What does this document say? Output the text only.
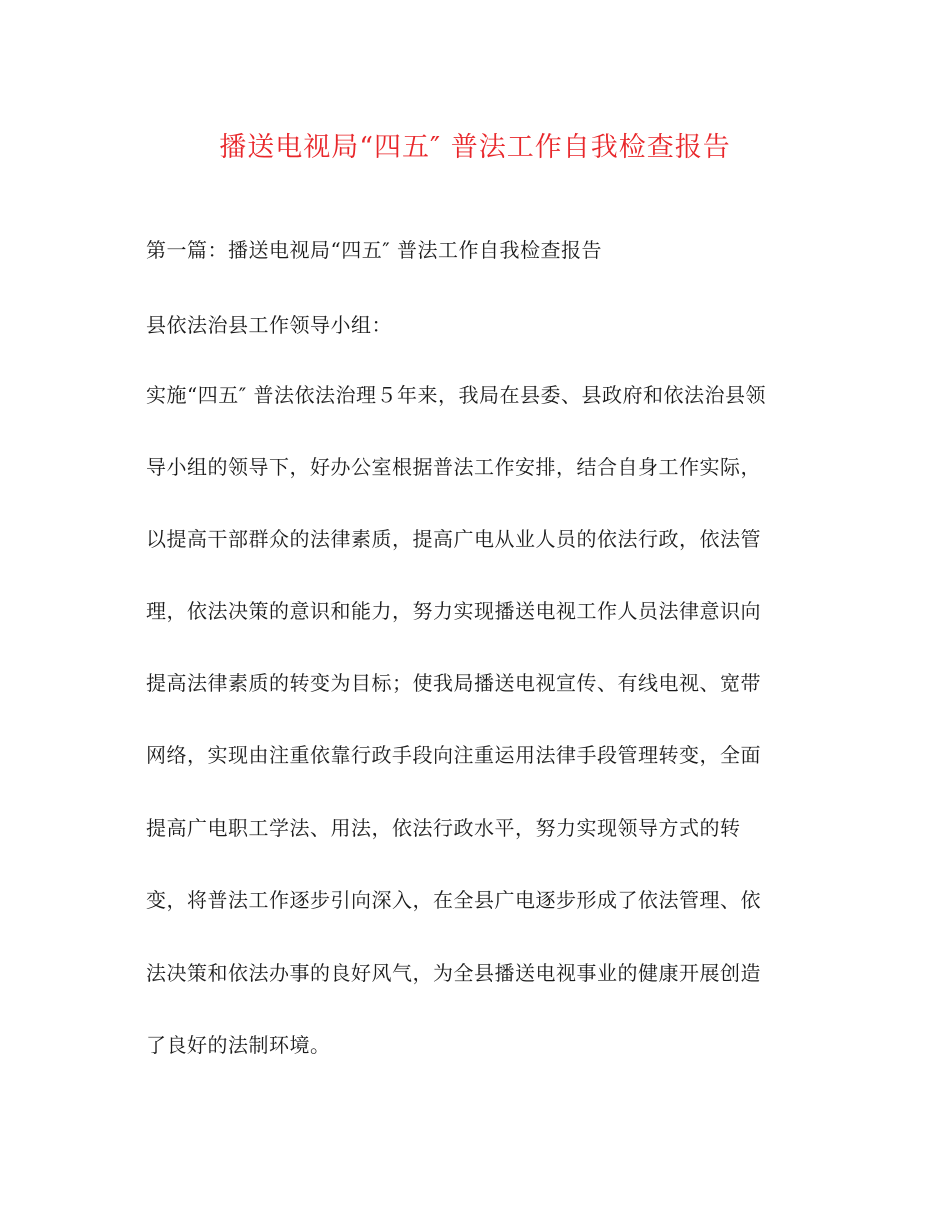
播送电视局“四五″ 普法工作自我检查报告
第一篇：播送电视局“四五″ 普法工作自我检查报告
县依法治县工作领导小组：
实施“四五″ 普法依法治理５年来，我局在县委、县政府和依法治县领
导小组的领导下，好办公室根据普法工作安排，结合自身工作实际，
以提高干部群众的法律素质，提高广电从业人员的依法行政，依法管
理，依法决策的意识和能力，努力实现播送电视工作人员法律意识向
提高法律素质的转变为目标；使我局播送电视宣传、有线电视、宽带
网络，实现由注重依靠行政手段向注重运用法律手段管理转变，全面
提高广电职工学法、用法，依法行政水平，努力实现领导方式的转
变，将普法工作逐步引向深入，在全县广电逐步形成了依法管理、依
法决策和依法办事的良好风气，为全县播送电视事业的健康开展创造
了良好的法制环境。
